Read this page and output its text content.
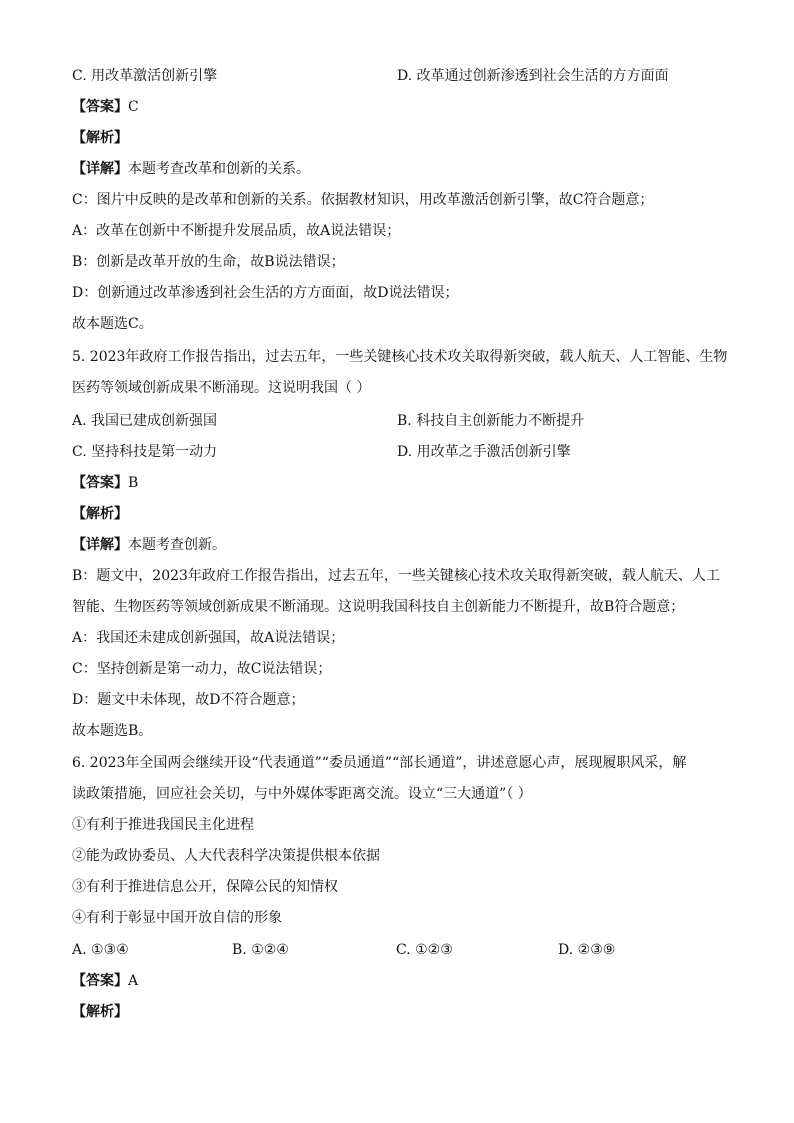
C. 用改革激活创新引擎	D. 改革通过创新渗透到社会生活的方方面面
【答案】C
【解析】
【详解】本题考查改革和创新的关系。
C：图片中反映的是改革和创新的关系。依据教材知识，用改革激活创新引擎，故C符合题意；
A：改革在创新中不断提升发展品质，故A说法错误；
B：创新是改革开放的生命，故B说法错误；
D：创新通过改革渗透到社会生活的方方面面，故D说法错误；
故本题选C。
5. 2023年政府工作报告指出，过去五年，一些关键核心技术攻关取得新突破，载人航天、人工智能、生物
医药等领域创新成果不断涌现。这说明我国（ ）
A. 我国已建成创新强国	B. 科技自主创新能力不断提升
C. 坚持科技是第一动力	D. 用改革之手激活创新引擎
【答案】B
【解析】
【详解】本题考查创新。
B：题文中，2023年政府工作报告指出，过去五年，一些关键核心技术攻关取得新突破，载人航天、人工
智能、生物医药等领域创新成果不断涌现。这说明我国科技自主创新能力不断提升，故B符合题意；
A：我国还未建成创新强国，故A说法错误；
C：坚持创新是第一动力，故C说法错误；
D：题文中未体现，故D不符合题意；
故本题选B。
6. 2023年全国两会继续开设“代表通道”“委员通道”“部长通道”，讲述意愿心声，展现履职风采，解
读政策措施，回应社会关切，与中外媒体零距离交流。设立“三大通道”（ ）
①有利于推进我国民主化进程
②能为政协委员、人大代表科学决策提供根本依据
③有利于推进信息公开，保障公民的知情权
④有利于彰显中国开放自信的形象
A. ①③④	B. ①②④	C. ①②③	D. ②③⑨
【答案】A
【解析】
